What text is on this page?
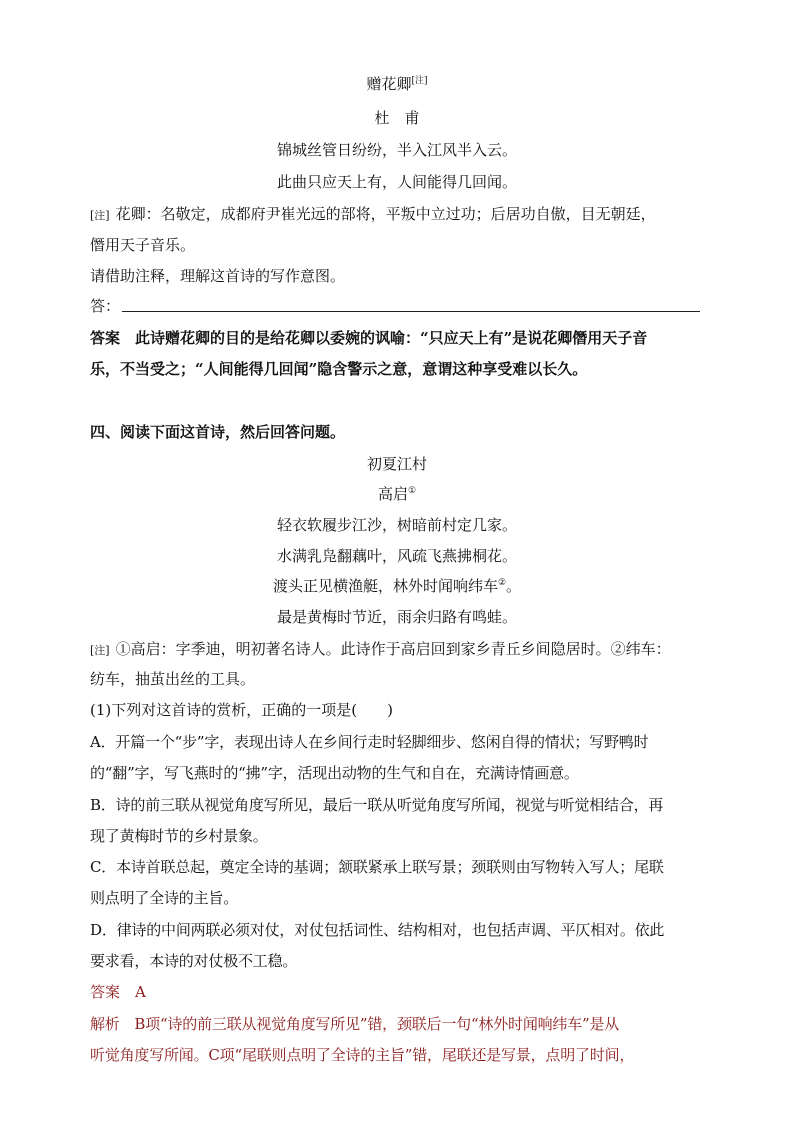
赠花卿[注]
杜　甫
锦城丝管日纷纷，半入江风半入云。
此曲只应天上有，人间能得几回闻。
[注] 花卿：名敬定，成都府尹崔光远的部将，平叛中立过功；后居功自傲，目无朝廷，
僭用天子音乐。
请借助注释，理解这首诗的写作意图。
答：
答案　此诗赠花卿的目的是给花卿以委婉的讽喻：“只应天上有”是说花卿僭用天子音
乐，不当受之；“人间能得几回闻”隐含警示之意，意谓这种享受难以长久。
四、阅读下面这首诗，然后回答问题。
初夏江村
高启①
轻衣软履步江沙，树暗前村定几家。
水满乳凫翻藕叶，风疏飞燕拂桐花。
渡头正见横渔艇，林外时闻响纬车②。
最是黄梅时节近，雨余归路有鸣蛙。
[注] ①高启：字季迪，明初著名诗人。此诗作于高启回到家乡青丘乡间隐居时。②纬车：
纺车，抽茧出丝的工具。
(1)下列对这首诗的赏析，正确的一项是(　　)
A．开篇一个“步”字，表现出诗人在乡间行走时轻脚细步、悠闲自得的情状；写野鸭时
的“翻”字，写飞燕时的“拂”字，活现出动物的生气和自在，充满诗情画意。
B．诗的前三联从视觉角度写所见，最后一联从听觉角度写所闻，视觉与听觉相结合，再
现了黄梅时节的乡村景象。
C．本诗首联总起，奠定全诗的基调；颔联紧承上联写景；颈联则由写物转入写人；尾联
则点明了全诗的主旨。
D．律诗的中间两联必须对仗，对仗包括词性、结构相对，也包括声调、平仄相对。依此
要求看，本诗的对仗极不工稳。
答案　A
解析　B项“诗的前三联从视觉角度写所见”错，颈联后一句“林外时闻响纬车”是从
听觉角度写所闻。C项“尾联则点明了全诗的主旨”错，尾联还是写景，点明了时间，
